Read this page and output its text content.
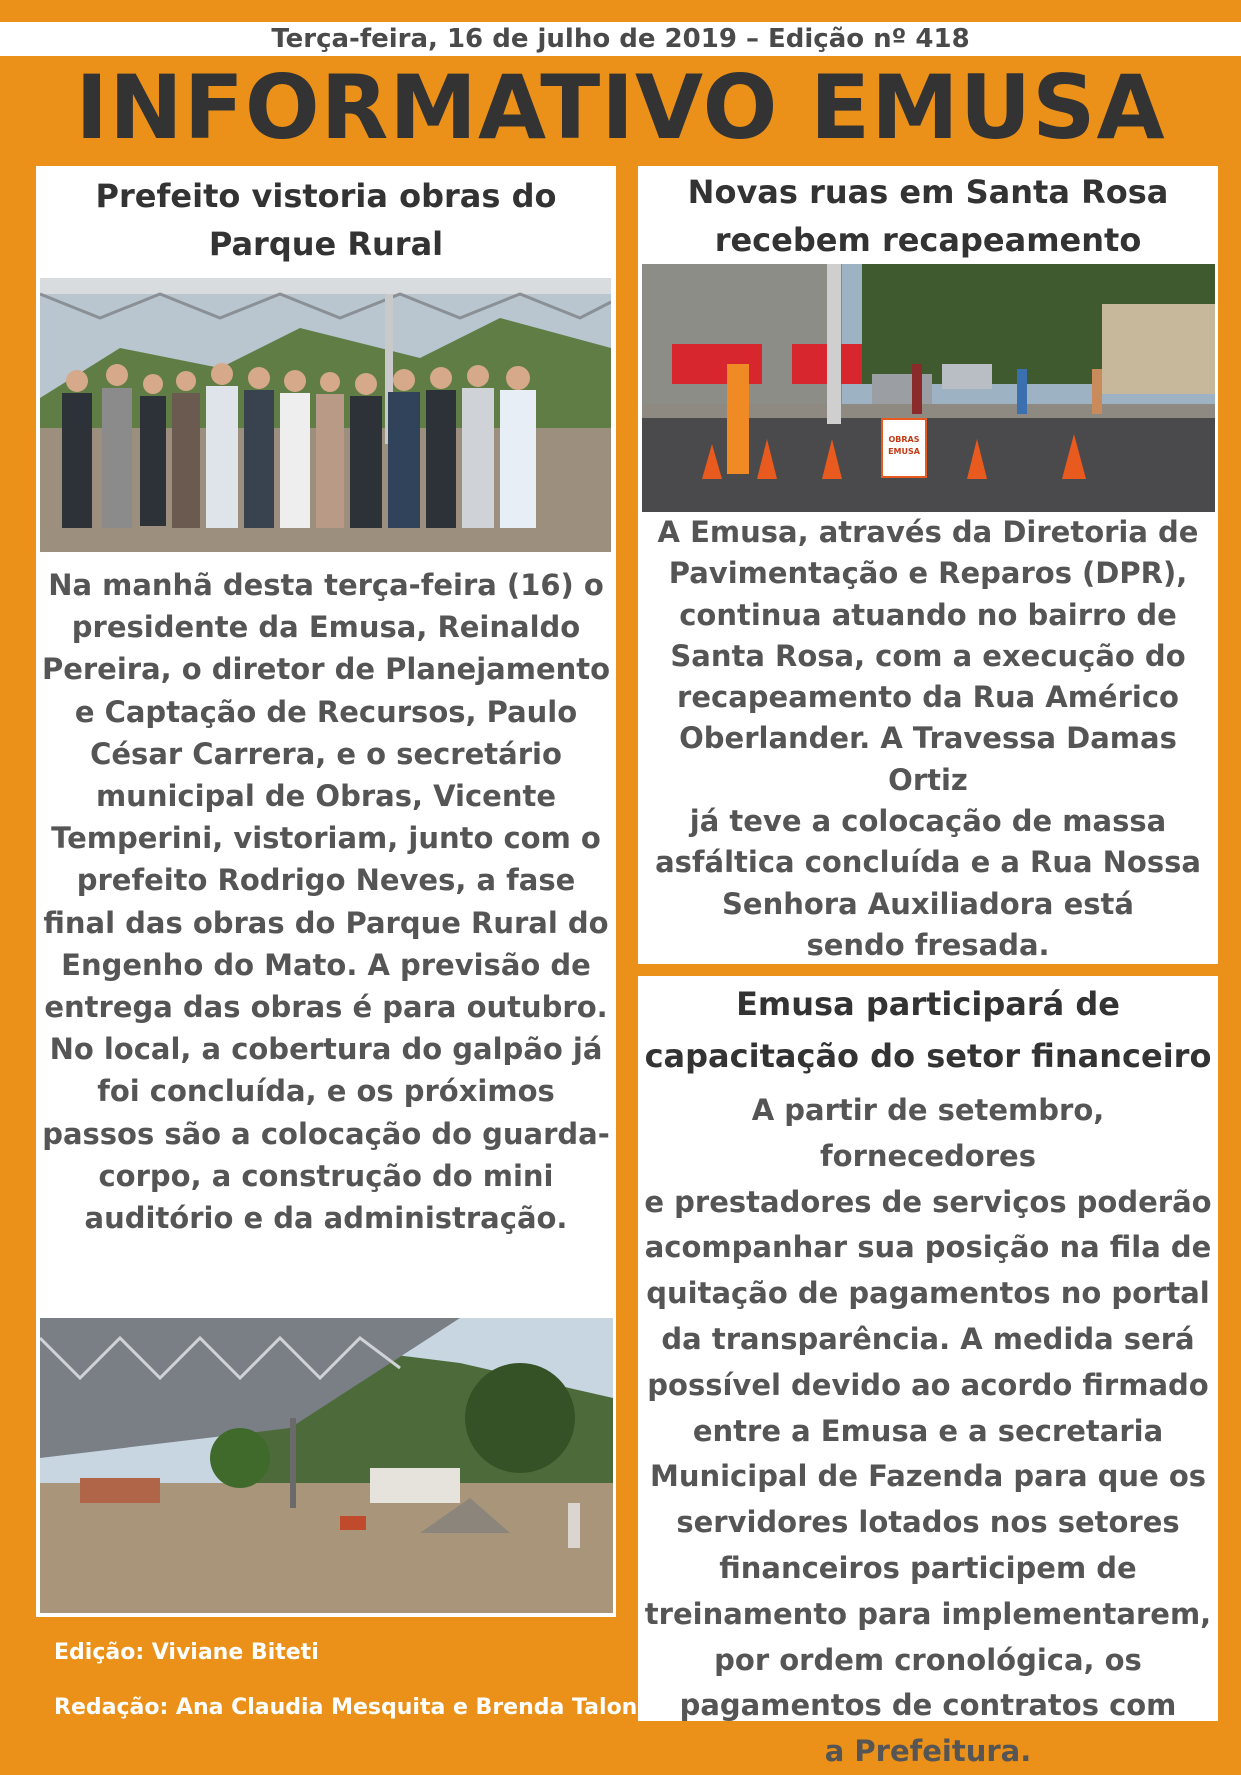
Terça-feira, 16 de julho de 2019 – Edição nº 418
INFORMATIVO EMUSA
Prefeito vistoria obras do
Parque Rural
Na manhã desta terça-feira (16) o
presidente da Emusa, Reinaldo
Pereira, o diretor de Planejamento
e Captação de Recursos, Paulo
César Carrera, e o secretário
municipal de Obras, Vicente
Temperini, vistoriam, junto com o
prefeito Rodrigo Neves, a fase
final das obras do Parque Rural do
Engenho do Mato. A previsão de
entrega das obras é para outubro.
No local, a cobertura do galpão já
foi concluída, e os próximos
passos são a colocação do guarda-
corpo, a construção do mini
auditório e da administração.
Novas ruas em Santa Rosa
recebem recapeamento
OBRAS
EMUSA
A Emusa, através da Diretoria de
Pavimentação e Reparos (DPR),
continua atuando no bairro de
Santa Rosa, com a execução do
recapeamento da Rua Américo
Oberlander. A Travessa Damas Ortiz
já teve a colocação de massa
asfáltica concluída e a Rua Nossa
Senhora Auxiliadora está
sendo fresada.
Emusa participará de
capacitação do setor financeiro
A partir de setembro, fornecedores
e prestadores de serviços poderão
acompanhar sua posição na fila de
quitação de pagamentos no portal
da transparência. A medida será
possível devido ao acordo firmado
entre a Emusa e a secretaria
Municipal de Fazenda para que os
servidores lotados nos setores
financeiros participem de
treinamento para implementarem,
por ordem cronológica, os
pagamentos de contratos com
a Prefeitura.
Edição: Viviane Biteti
Redação: Ana Claudia Mesquita e Brenda Talon
